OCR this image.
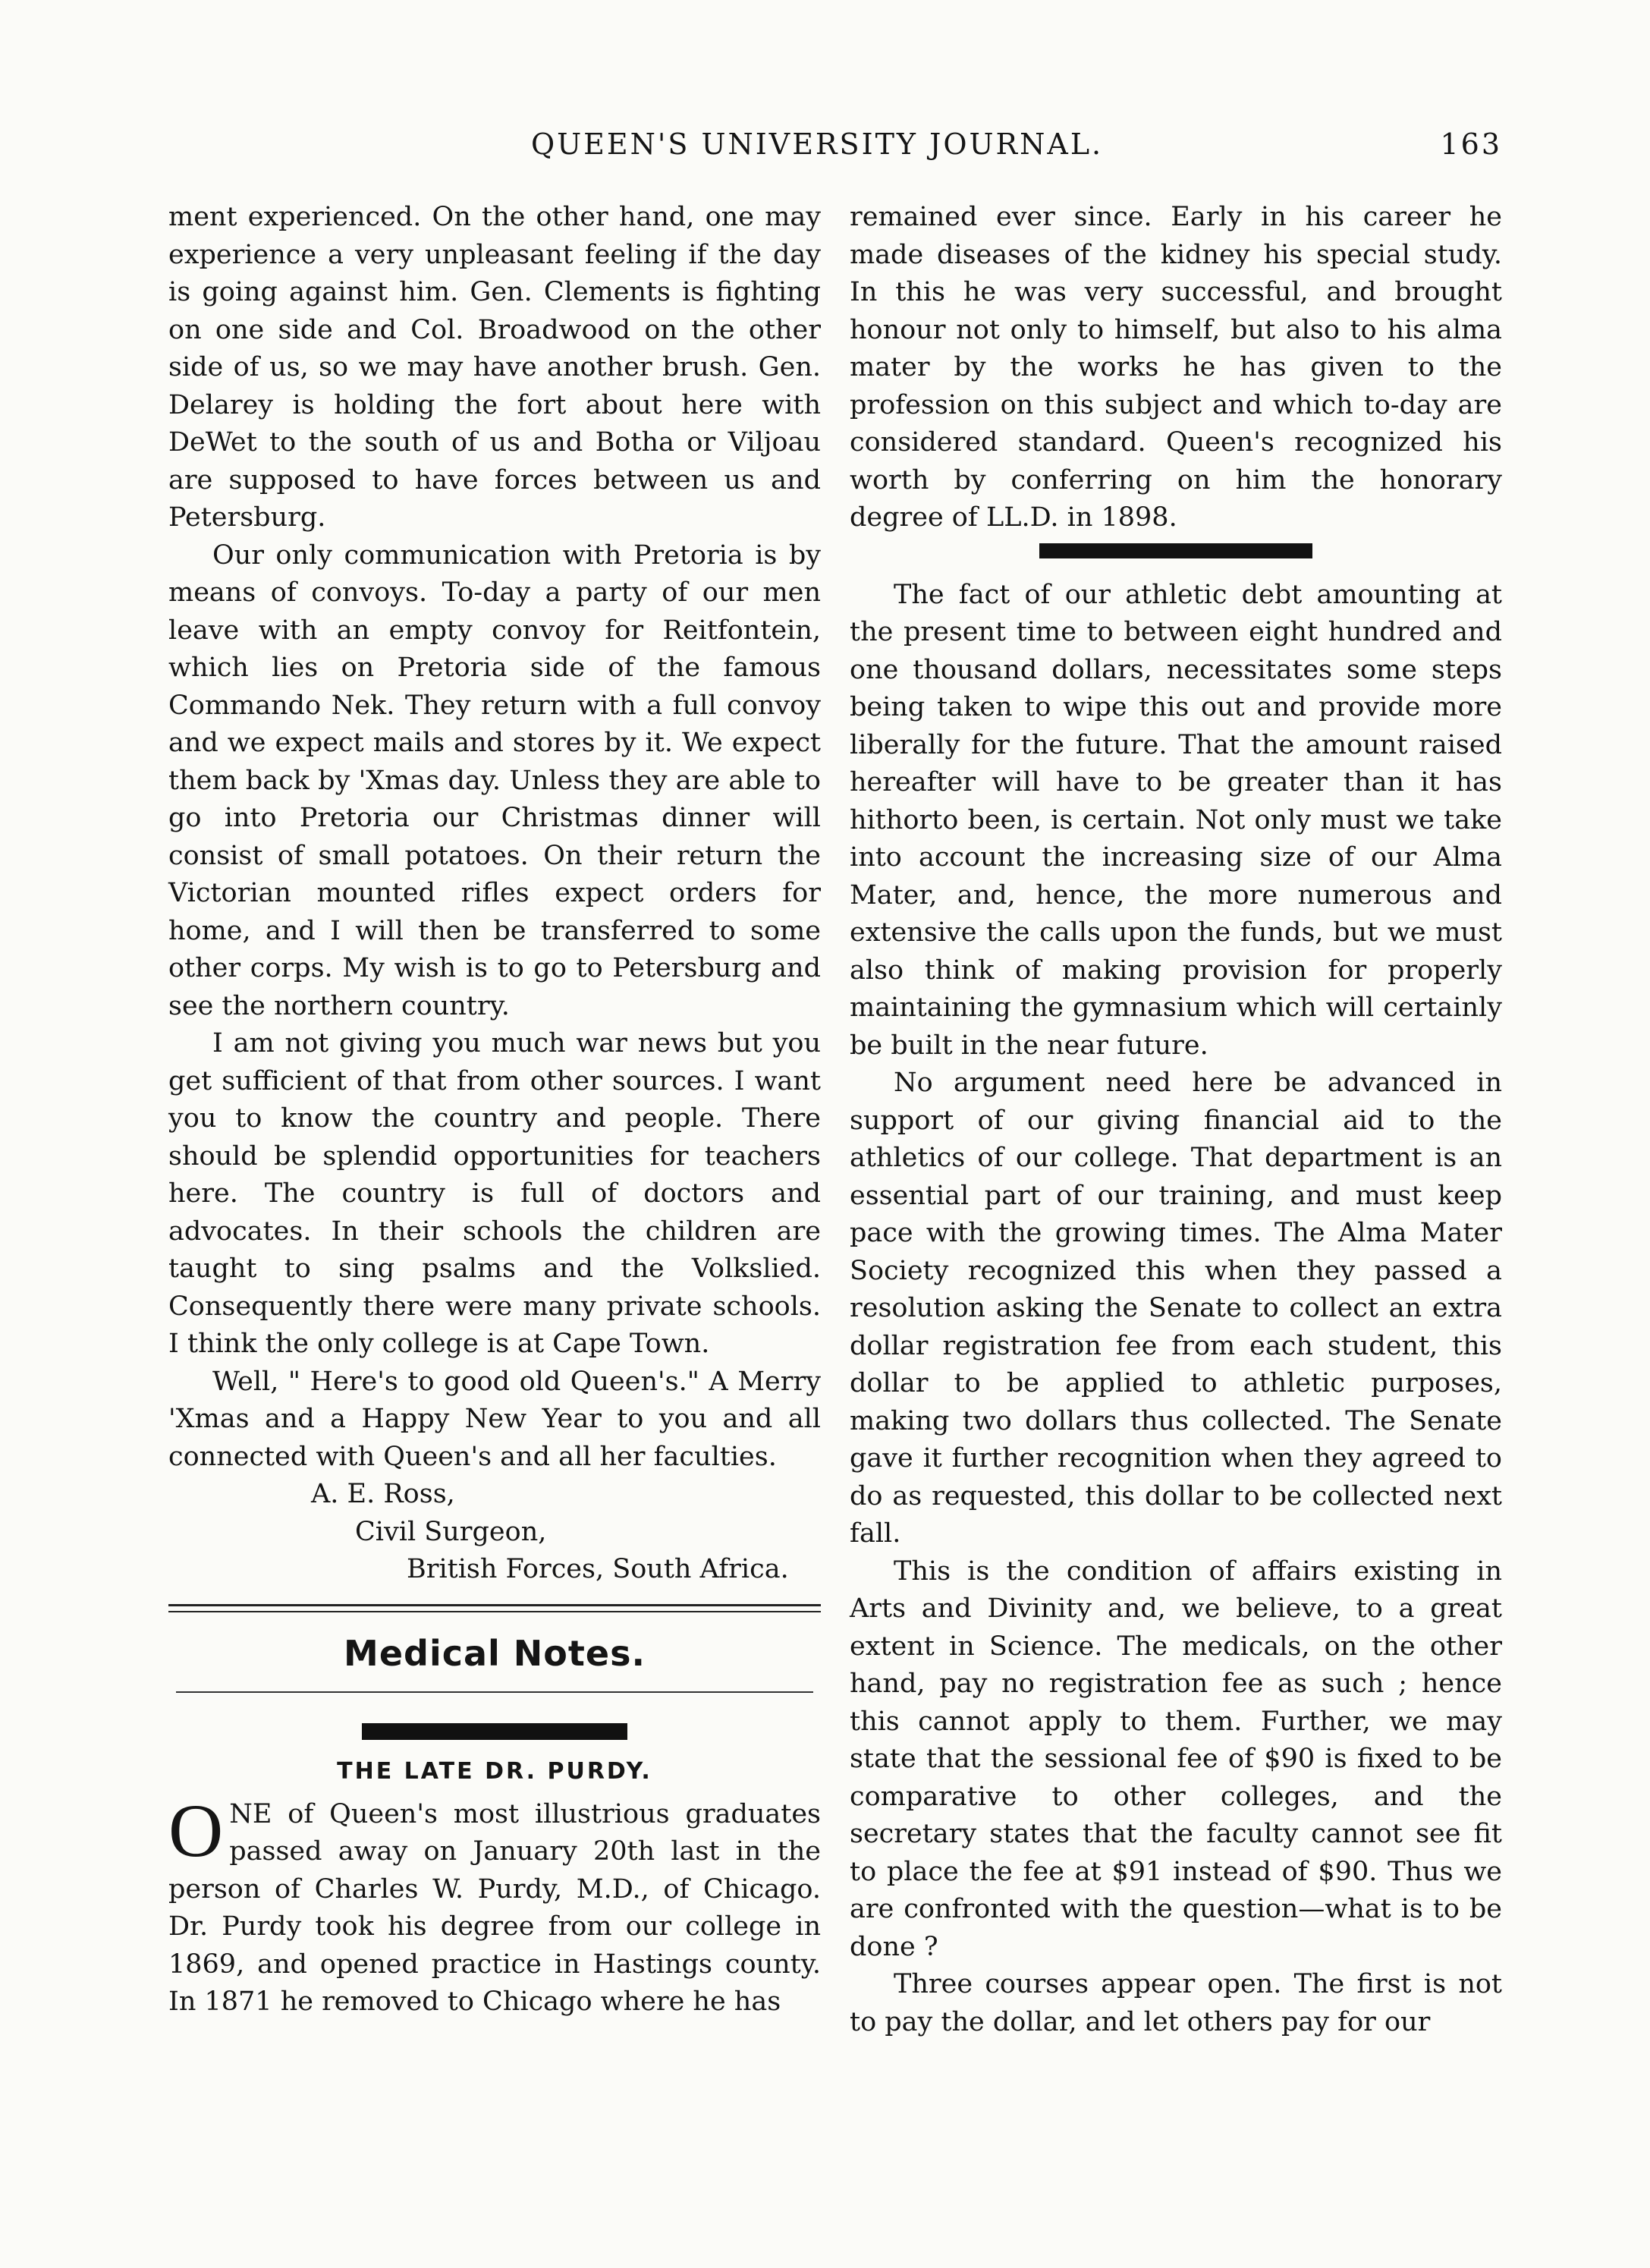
QUEEN'S UNIVERSITY JOURNAL.	163

ment experienced. On the other hand, one may experience a very unpleasant feeling if the day is going against him. Gen. Clements is fighting on one side and Col. Broadwood on the other side of us, so we may have another brush. Gen. Delarey is holding the fort about here with DeWet to the south of us and Botha or Viljoau are supposed to have forces between us and Petersburg.

Our only communication with Pretoria is by means of convoys. To-day a party of our men leave with an empty convoy for Reitfontein, which lies on Pretoria side of the famous Commando Nek. They return with a full convoy and we expect mails and stores by it. We expect them back by 'Xmas day. Unless they are able to go into Pretoria our Christmas dinner will consist of small potatoes. On their return the Victorian mounted rifles expect orders for home, and I will then be transferred to some other corps. My wish is to go to Petersburg and see the northern country.

I am not giving you much war news but you get sufficient of that from other sources. I want you to know the country and people. There should be splendid opportunities for teachers here. The country is full of doctors and advocates. In their schools the children are taught to sing psalms and the Volkslied. Consequently there were many private schools. I think the only college is at Cape Town.

Well, " Here's to good old Queen's." A Merry 'Xmas and a Happy New Year to you and all connected with Queen's and all her faculties.

A. E. Ross,

Civil Surgeon,

British Forces, South Africa.

Medical Notes.
THE LATE DR. PURDY.

ONE of Queen's most illustrious graduates passed away on January 20th last in the person of Charles W. Purdy, M.D., of Chicago. Dr. Purdy took his degree from our college in 1869, and opened practice in Hastings county. In 1871 he removed to Chicago where he has

remained ever since. Early in his career he made diseases of the kidney his special study. In this he was very successful, and brought honour not only to himself, but also to his alma mater by the works he has given to the profession on this subject and which to-day are considered standard. Queen's recognized his worth by conferring on him the honorary degree of LL.D. in 1898.

The fact of our athletic debt amounting at the present time to between eight hundred and one thousand dollars, necessitates some steps being taken to wipe this out and provide more liberally for the future. That the amount raised hereafter will have to be greater than it has hithorto been, is certain. Not only must we take into account the increasing size of our Alma Mater, and, hence, the more numerous and extensive the calls upon the funds, but we must also think of making provision for properly maintaining the gymnasium which will certainly be built in the near future.

No argument need here be advanced in support of our giving financial aid to the athletics of our college. That department is an essential part of our training, and must keep pace with the growing times. The Alma Mater Society recognized this when they passed a resolution asking the Senate to collect an extra dollar registration fee from each student, this dollar to be applied to athletic purposes, making two dollars thus collected. The Senate gave it further recognition when they agreed to do as requested, this dollar to be collected next fall.

This is the condition of affairs existing in Arts and Divinity and, we believe, to a great extent in Science. The medicals, on the other hand, pay no registration fee as such ; hence this cannot apply to them. Further, we may state that the sessional fee of $90 is fixed to be comparative to other colleges, and the secretary states that the faculty cannot see fit to place the fee at $91 instead of $90. Thus we are confronted with the question—what is to be done ?

Three courses appear open. The first is not to pay the dollar, and let others pay for our
